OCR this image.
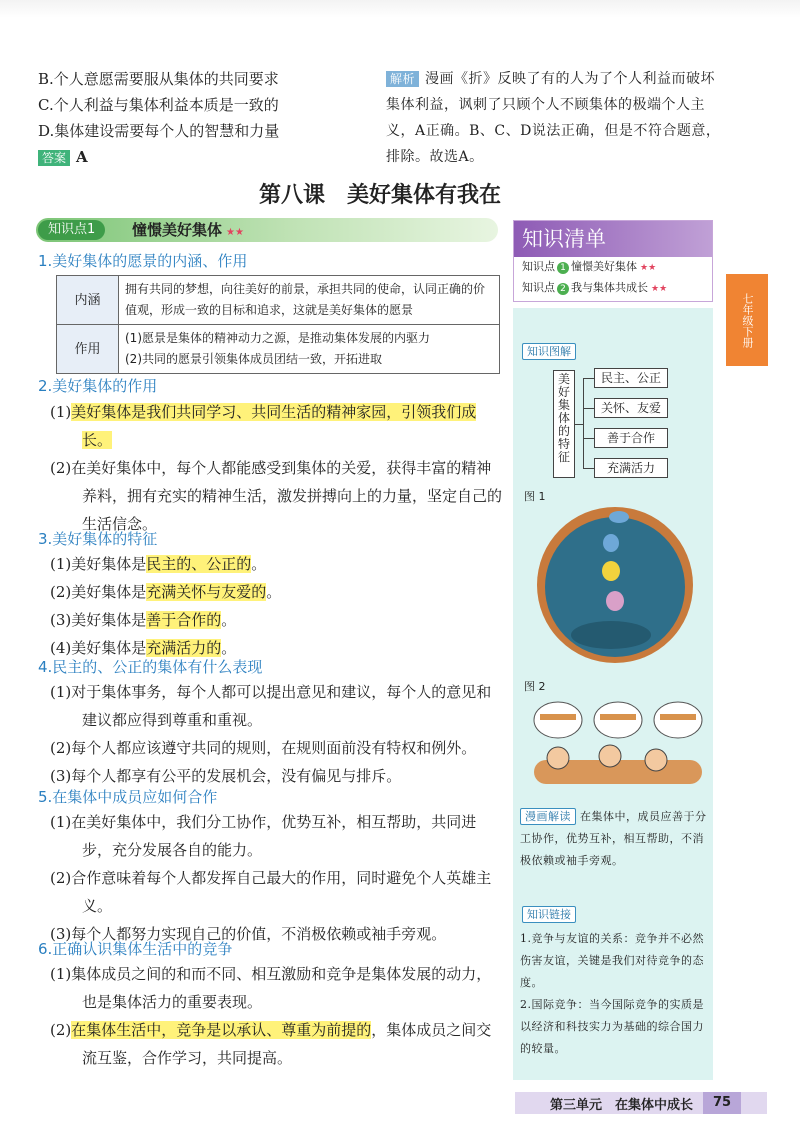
B.个人意愿需要服从集体的共同要求
C.个人利益与集体利益本质是一致的
D.集体建设需要每个人的智慧和力量
答案 A
解析 漫画《折》反映了有的人为了个人利益而破坏集体利益，讽刺了只顾个人不顾集体的极端个人主义，A正确。B、C、D说法正确，但是不符合题意，排除。故选A。
第八课　美好集体有我在
知识点1	憧憬美好集体 ★★
1.美好集体的愿景的内涵、作用
内涵	拥有共同的梦想，向往美好的前景，承担共同的使命，认同正确的价值观，形成一致的目标和追求，这就是美好集体的愿景
作用	(1)愿景是集体的精神动力之源，是推动集体发展的内驱力
(2)共同的愿景引领集体成员团结一致，开拓进取
2.美好集体的作用
(1)美好集体是我们共同学习、共同生活的精神家园，引领我们成长。
(2)在美好集体中，每个人都能感受到集体的关爱，获得丰富的精神养料，拥有充实的精神生活，激发拼搏向上的力量，坚定自己的生活信念。
3.美好集体的特征
(1)美好集体是民主的、公正的。
(2)美好集体是充满关怀与友爱的。
(3)美好集体是善于合作的。
(4)美好集体是充满活力的。
4.民主的、公正的集体有什么表现
(1)对于集体事务，每个人都可以提出意见和建议，每个人的意见和建议都应得到尊重和重视。
(2)每个人都应该遵守共同的规则，在规则面前没有特权和例外。
(3)每个人都享有公平的发展机会，没有偏见与排斥。
5.在集体中成员应如何合作
(1)在美好集体中，我们分工协作，优势互补，相互帮助，共同进步，充分发展各自的能力。
(2)合作意味着每个人都发挥自己最大的作用，同时避免个人英雄主义。
(3)每个人都努力实现自己的价值，不消极依赖或袖手旁观。
6.正确认识集体生活中的竞争
(1)集体成员之间的和而不同、相互激励和竞争是集体发展的动力，也是集体活力的重要表现。
(2)在集体生活中，竞争是以承认、尊重为前提的，集体成员之间交流互鉴，合作学习，共同提高。
知识清单
知识点 1 憧憬美好集体 ★★
知识点 2 我与集体共成长 ★★
七年级下册
知识图解
美好集体的特征
民主、公正
关怀、友爱
善于合作
充满活力
图 1
图 2
漫画解读 在集体中，成员应善于分工协作，优势互补，相互帮助，不消极依赖或袖手旁观。
知识链接
1.竞争与友谊的关系：竞争并不必然伤害友谊，关键是我们对待竞争的态度。
2.国际竞争：当今国际竞争的实质是以经济和科技实力为基础的综合国力的较量。
第三单元　在集体中成长	75
